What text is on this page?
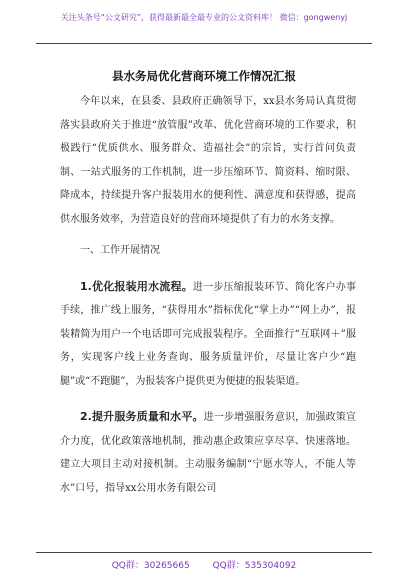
关注头条号“公文研究”，获得最新最全最专业的公文资料库！ 微信：gongwenyj
县水务局优化营商环境工作情况汇报

今年以来，在县委、县政府正确领导下，xx县水务局认真贯彻落实县政府关于推进“放管服”改革、优化营商环境的工作要求，积极践行“优质供水、服务群众、造福社会”的宗旨，实行首问负责制、一站式服务的工作机制，进一步压缩环节、简资料、缩时限、降成本，持续提升客户报装用水的便利性、满意度和获得感，提高供水服务效率，为营造良好的营商环境提供了有力的水务支撑。

一、工作开展情况

1.优化报装用水流程。进一步压缩报装环节、简化客户办事手续，推广线上服务，“获得用水”指标优化“掌上办”“网上办”，报装精简为用户一个电话即可完成报装程序。全面推行“互联网＋”服务，实现客户线上业务查询、服务质量评价，尽量让客户少“跑腿”或“不跑腿”，为报装客户提供更为便捷的报装渠道。

2.提升服务质量和水平。进一步增强服务意识，加强政策宣介力度，优化政策落地机制，推动惠企政策应享尽享、快速落地。建立大项目主动对接机制。主动服务编制“宁愿水等人，不能人等水”口号，指导xx公用水务有限公司

QQ群：30265665	QQ群：535304092
